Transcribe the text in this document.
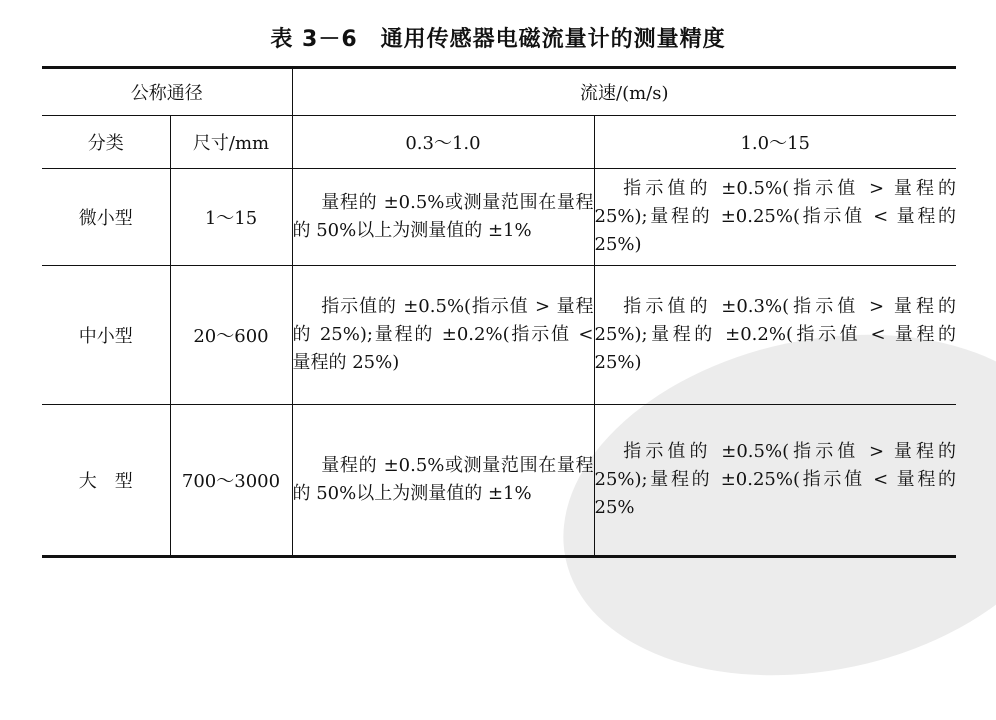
表 3－6　通用传感器电磁流量计的测量精度
公称通径		流速/(m/s)	
分类	尺寸/mm	0.3～1.0	1.0～15
微小型	1～15	量程的 ±0.5%或测量范围在量程的 50%以上为测量值的 ±1%	指示值的 ±0.5%(指示值 > 量程的 25%);量程的 ±0.25%(指示值 < 量程的 25%)
中小型	20～600	指示值的 ±0.5%(指示值 > 量程的 25%);量程的 ±0.2%(指示值 < 量程的 25%)	指示值的 ±0.3%(指示值 > 量程的 25%);量程的 ±0.2%(指示值 < 量程的 25%)
大　型	700～3000	量程的 ±0.5%或测量范围在量程的 50%以上为测量值的 ±1%	指示值的 ±0.5%(指示值 > 量程的 25%);量程的 ±0.25%(指示值 < 量程的 25%
